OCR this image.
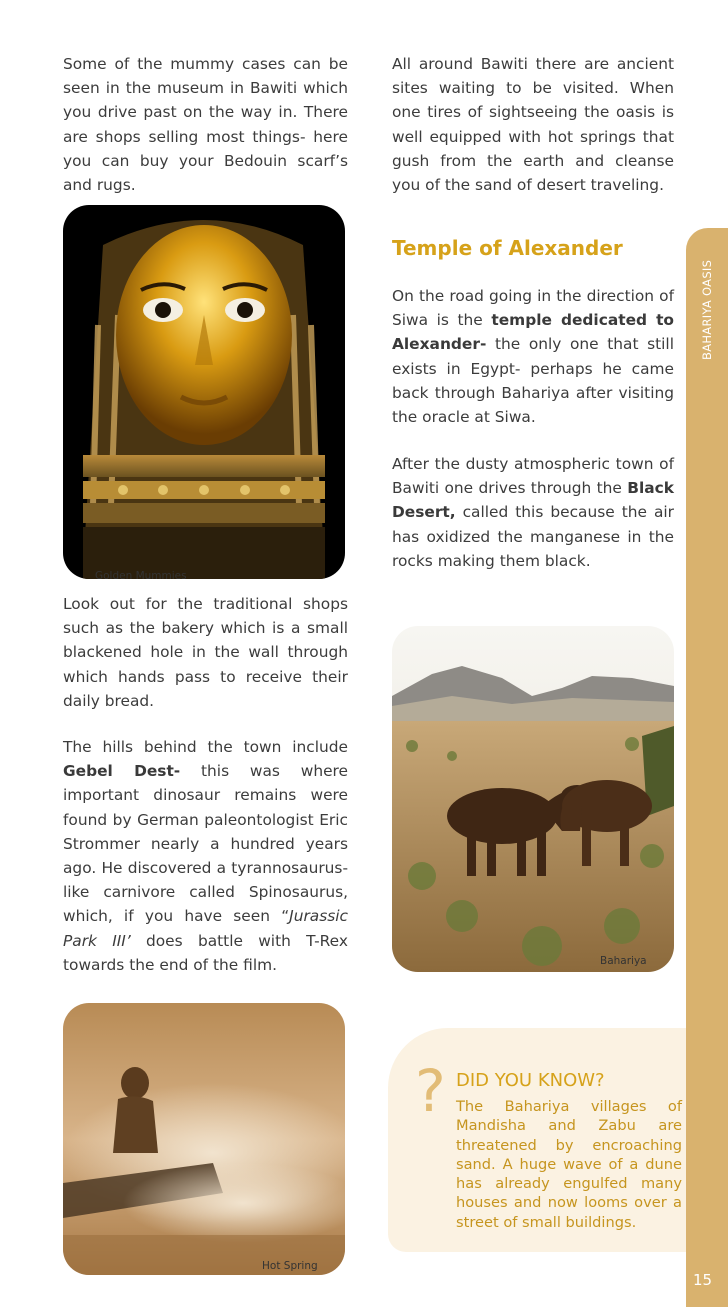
Some of the mummy cases can be seen in the museum in Bawiti which you drive past on the way in. There are shops selling most things- here you can buy your Bedouin scarf’s and rugs.
Golden Mummies
Look out for the traditional shops such as the bakery which is a small blackened hole in the wall through which hands pass to receive their daily bread.
The hills behind the town include Gebel Dest- this was where important dinosaur remains were found by German paleontologist Eric Strommer nearly a hundred years ago. He discovered a tyrannosaurus-like carnivore called Spinosaurus, which, if you have seen “Jurassic Park III’ does battle with T-Rex towards the end of the film.
Hot Spring
All around Bawiti there are ancient sites waiting to be visited. When one tires of sightseeing the oasis is well equipped with hot springs that gush from the earth and cleanse you of the sand of desert traveling.
Temple of Alexander
On the road going in the direction of Siwa is the temple dedicated to Alexander- the only one that still exists in Egypt- perhaps he came back through Bahariya after visiting the oracle at Siwa.
After the dusty atmospheric town of Bawiti one drives through the Black Desert, called this because the air has oxidized the manganese in the rocks making them black.
Bahariya
? DID YOU KNOW?
The Bahariya villages of Mandisha and Zabu are threatened by encroaching sand. A huge wave of a dune has already engulfed many houses and now looms over a street of small buildings.
BAHARIYA OASIS
15
